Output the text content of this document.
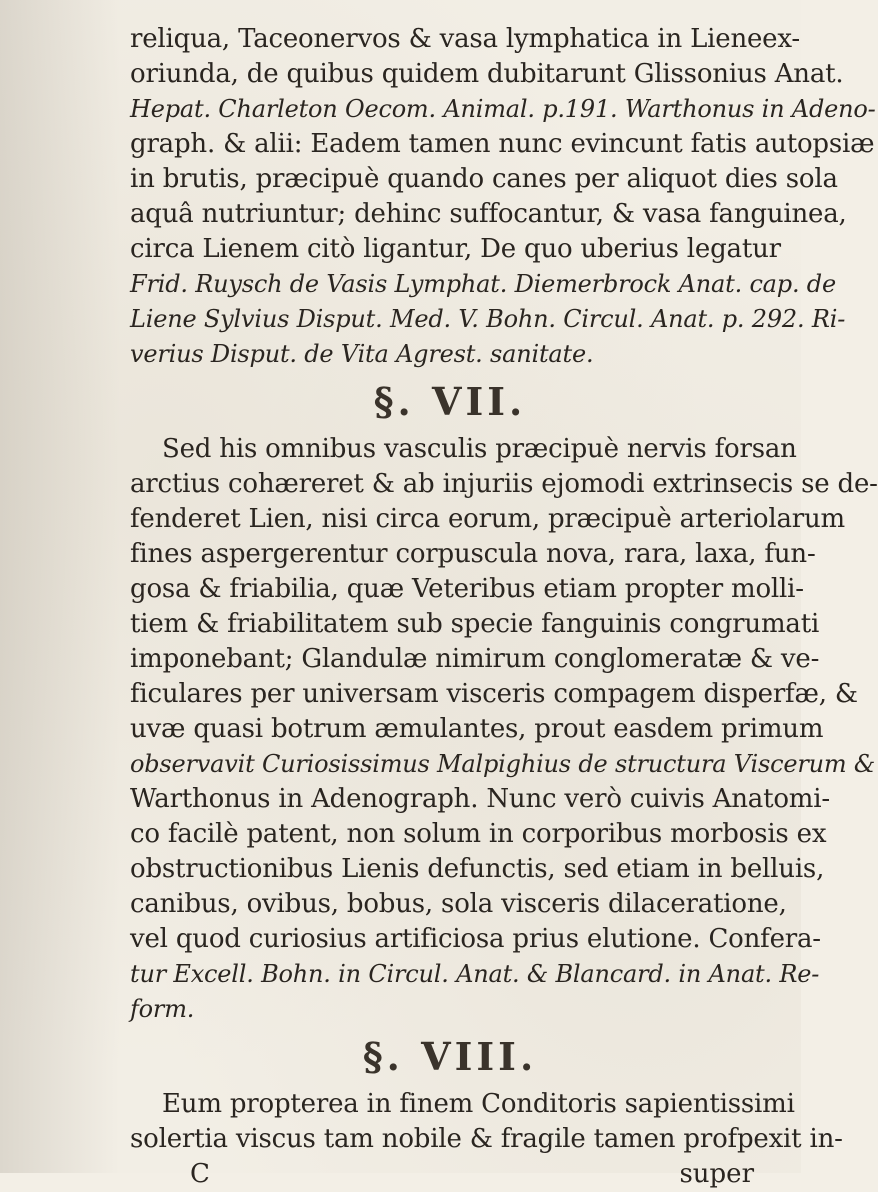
reliqua, Taceonervos & vasa lymphatica in Lieneex-
oriunda, de quibus quidem dubitarunt Glissonius Anat.
Hepat. Charleton Oecom. Animal. p.191. Warthonus in Adeno-
graph. & alii: Eadem tamen nunc evincunt fatis autopsiæ
in brutis, præcipuè quando canes per aliquot dies sola
aquâ nutriuntur; dehinc suffocantur, & vasa fanguinea,
circa Lienem citò ligantur, De quo uberius legatur
Frid. Ruysch de Vasis Lymphat. Diemerbrock Anat. cap. de
Liene Sylvius Disput. Med. V. Bohn. Circul. Anat. p. 292. Ri-
verius Disput. de Vita Agrest. sanitate.
§. VII.
Sed his omnibus vasculis præcipuè nervis forsan
arctius cohæreret & ab injuriis ejomodi extrinsecis se de-
fenderet Lien, nisi circa eorum, præcipuè arteriolarum
fines aspergerentur corpuscula nova, rara, laxa, fun-
gosa & friabilia, quæ Veteribus etiam propter molli-
tiem & friabilitatem sub specie fanguinis congrumati
imponebant; Glandulæ nimirum conglomeratæ & ve-
ficulares per universam visceris compagem disperfæ, &
uvæ quasi botrum æmulantes, prout easdem primum
observavit Curiosissimus Malpighius de structura Viscerum &
Warthonus in Adenograph. Nunc verò cuivis Anatomi-
co facilè patent, non solum in corporibus morbosis ex
obstructionibus Lienis defunctis, sed etiam in belluis,
canibus, ovibus, bobus, sola visceris dilaceratione,
vel quod curiosius artificiosa prius elutione. Confera-
tur Excell. Bohn. in Circul. Anat. & Blancard. in Anat. Re-
form.
§. VIII.
Eum propterea in finem Conditoris sapientissimi
solertia viscus tam nobile & fragile tamen profpexit in-
C	super
